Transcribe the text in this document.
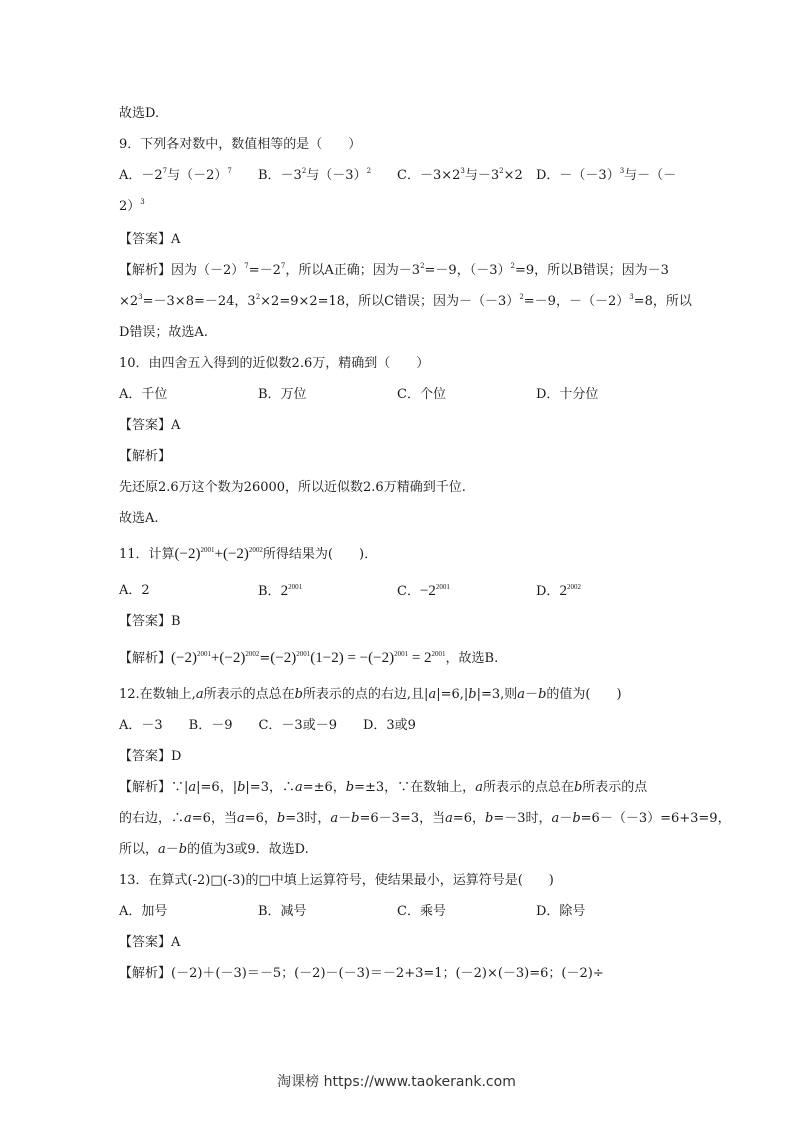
故选D.
9．下列各对数中，数值相等的是（　　）
A．$-2^7$与$(-2)^7$ B．$-3^2$与$(-3)^2$ C．$-3\times 2^3$与$-3^2\times 2$ D．$-(-3)^3$与－（－
2）$^3$
【答案】A
【解析】因为$(-2)^7=-2^7$，所以A正确；因为$-3^2=-9$，$(-3)^2=9$，所以B错误；因为－3
$\times 2^3=-3\times 8=-24$，$3^2\times 2=9\times 2=18$，所以C错误；因为$-(-3)^2=-9$，$-(-2)^3=8$，所以
D错误；故选A.
10．由四舍五入得到的近似数2.6万，精确到（　　）
A．千位	B．万位	C．个位	D．十分位
【答案】A
【解析】
先还原2.6万这个数为26000，所以近似数2.6万精确到千位.
故选A.
11．计算$(-2)^{2001}+(-2)^{2002}$所得结果为(　　)．
A．2	B．$2^{2001}$	C．$-2^{2001}$	D．$2^{2002}$
【答案】B
【解析】$(-2)^{2001}+(-2)^{2002}=(-2)^{2001}(1-2) = -(-2)^{2001} = 2^{2001}$，故选B.
12.在数轴上,a所表示的点总在b所表示的点的右边,且|a|=6,|b|=3,则a－b的值为(　　)
A．－3　　B．－9　　C．－3或－9　　D．3或9
【答案】D
【解析】∵|a|=6，|b|=3，∴a=±6，b=±3，∵在数轴上，a所表示的点总在b所表示的点
的右边，∴a=6，当a=6，b=3时，a－b=6－3=3，当a=6，b=－3时，a－b=6－（－3）=6+3=9，
所以，a－b的值为3或9．故选D.
13．在算式(-2)□(-3)的□中填上运算符号，使结果最小，运算符号是(　　)
A．加号	B．减号	C．乘号	D．除号
【答案】A
【解析】(－2)＋(－3)＝－5；(－2)－(－3)＝－2+3=1；(－2)×(－3)=6；(－2)÷
淘课榜 https://www.taokerank.com
